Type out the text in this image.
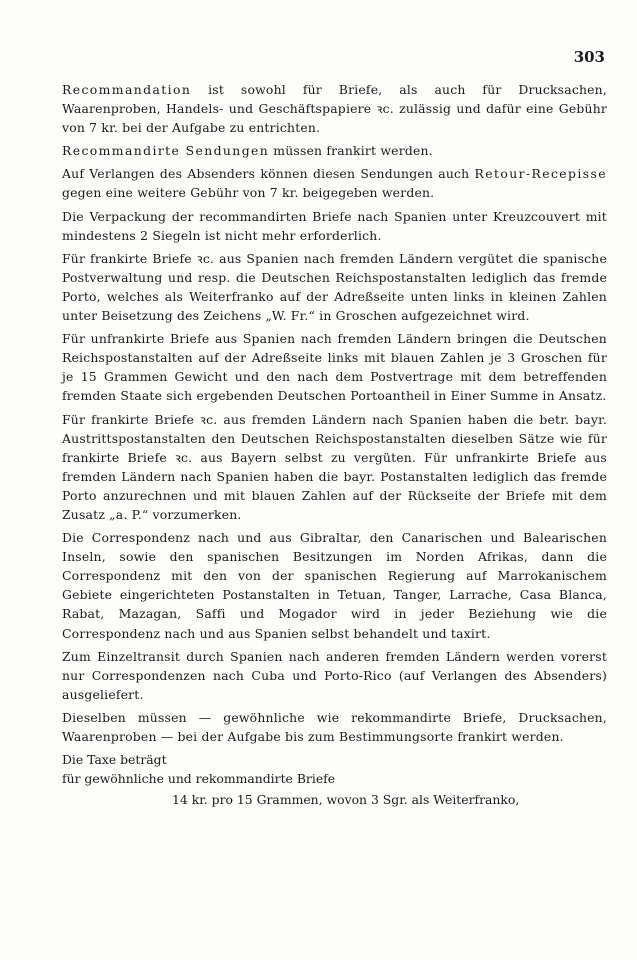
303

Recommandation ist sowohl für Briefe, als auch für Drucksachen, Waarenproben, Handels- und Geschäftspapiere ꝛc. zulässig und dafür eine Gebühr von 7 kr. bei der Aufgabe zu entrichten.

Recommandirte Sendungen müssen frankirt werden.

Auf Verlangen des Absenders können diesen Sendungen auch Retour-Recepisse gegen eine weitere Gebühr von 7 kr. beigegeben werden.

Die Verpackung der recommandirten Briefe nach Spanien unter Kreuzcouvert mit mindestens 2 Siegeln ist nicht mehr erforderlich.

Für frankirte Briefe ꝛc. aus Spanien nach fremden Ländern vergütet die spanische Postverwaltung und resp. die Deutschen Reichspostanstalten lediglich das fremde Porto, welches als Weiterfranko auf der Adreßseite unten links in kleinen Zahlen unter Beisetzung des Zeichens „W. Fr.“ in Groschen aufgezeichnet wird.

Für unfrankirte Briefe aus Spanien nach fremden Ländern bringen die Deutschen Reichspostanstalten auf der Adreßseite links mit blauen Zahlen je 3 Groschen für je 15 Grammen Gewicht und den nach dem Postvertrage mit dem betreffenden fremden Staate sich ergebenden Deutschen Portoantheil in Einer Summe in Ansatz.

Für frankirte Briefe ꝛc. aus fremden Ländern nach Spanien haben die betr. bayr. Austrittspostanstalten den Deutschen Reichspostanstalten dieselben Sätze wie für frankirte Briefe ꝛc. aus Bayern selbst zu vergüten. Für unfrankirte Briefe aus fremden Ländern nach Spanien haben die bayr. Postanstalten lediglich das fremde Porto anzurechnen und mit blauen Zahlen auf der Rückseite der Briefe mit dem Zusatz „a. P.“ vorzumerken.

Die Correspondenz nach und aus Gibraltar, den Canarischen und Balearischen Inseln, sowie den spanischen Besitzungen im Norden Afrikas, dann die Correspondenz mit den von der spanischen Regierung auf Marrokanischem Gebiete eingerichteten Postanstalten in Tetuan, Tanger, Larrache, Casa Blanca, Rabat, Mazagan, Saffi und Mogador wird in jeder Beziehung wie die Correspondenz nach und aus Spanien selbst behandelt und taxirt.

Zum Einzeltransit durch Spanien nach anderen fremden Ländern werden vorerst nur Correspondenzen nach Cuba und Porto-Rico (auf Verlangen des Absenders) ausgeliefert.

Dieselben müssen — gewöhnliche wie rekommandirte Briefe, Drucksachen, Waarenproben — bei der Aufgabe bis zum Bestimmungsorte frankirt werden.

Die Taxe beträgt

für gewöhnliche und rekommandirte Briefe

14 kr. pro 15 Grammen, wovon 3 Sgr. als Weiterfranko,
